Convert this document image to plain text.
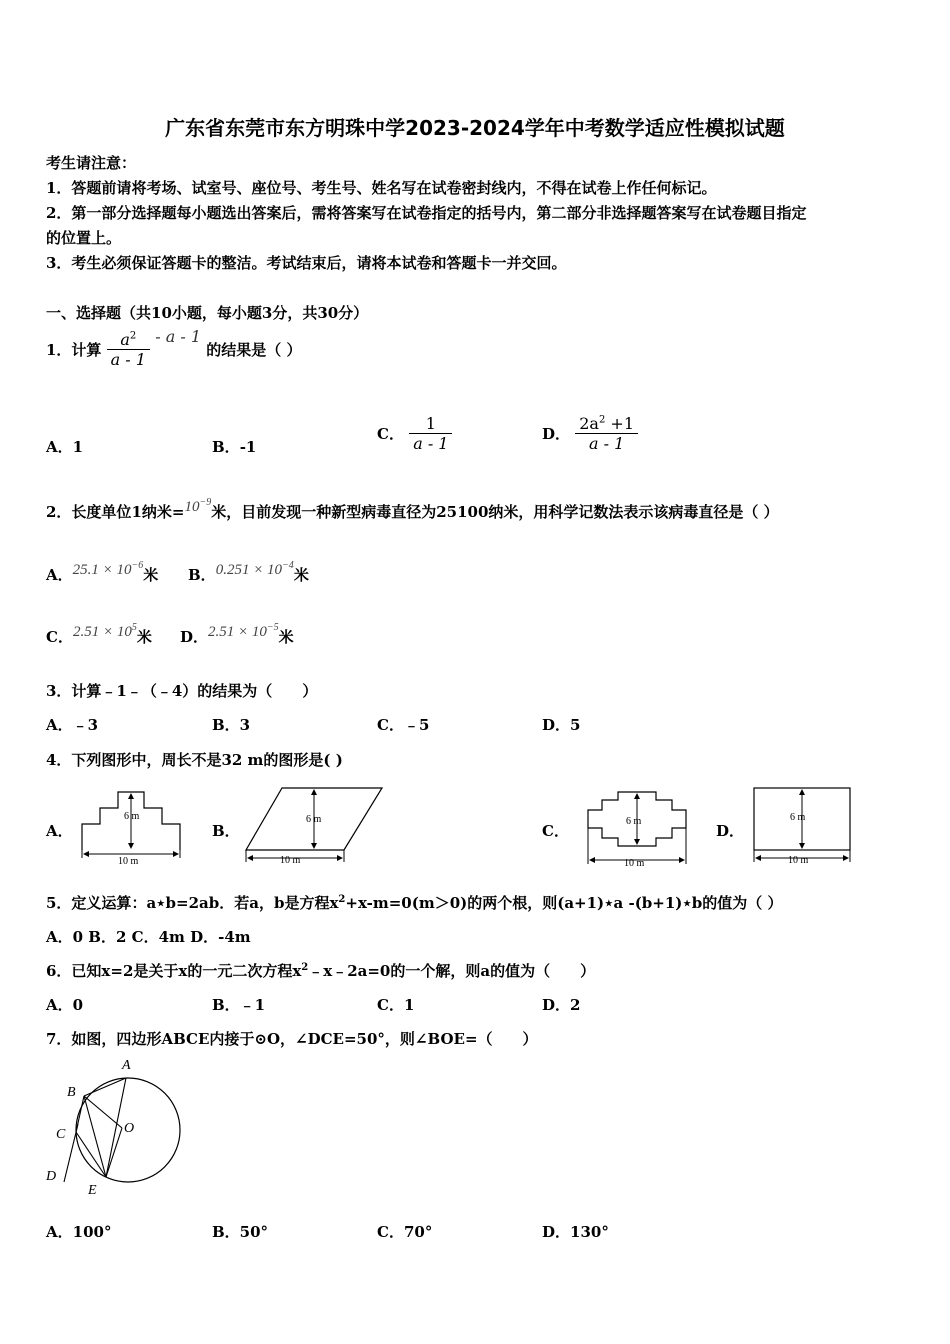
广东省东莞市东方明珠中学2023-2024学年中考数学适应性模拟试题
考生请注意：
1．答题前请将考场、试室号、座位号、考生号、姓名写在试卷密封线内，不得在试卷上作任何标记。
2．第一部分选择题每小题选出答案后，需将答案写在试卷指定的括号内，第二部分非选择题答案写在试卷题目指定
的位置上。
3．考生必须保证答题卡的整洁。考试结束后，请将本试卷和答题卡一并交回。
一、选择题（共10小题，每小题3分，共30分）
1．计算 $\frac{a^2}{a - 1}$ - a - 1 的结果是（ ）
A．1	B．-1
C． $\frac{1}{a - 1}$	D． $\frac{2a^2 +1}{a - 1}$
2．长度单位1纳米$=10^{-9}$米，目前发现一种新型病毒直径为25100纳米，用科学记数法表示该病毒直径是（ ）
A．$25.1 \times 10^{-6}$米 B．$0.251 \times 10^{-4}$米
C．$2.51 \times 10^5$米 D．$2.51 \times 10^{-5}$米
3．计算﹣1﹣（﹣4）的结果为（　　）
A．﹣3	B．3	C．﹣5	D．5
4．下列图形中，周长不是32 m的图形是( )
A．	B．	C．	D．
6 m
10 m
6 m
10 m
6 m
10 m
6 m
10 m
5．定义运算：a⋆b=2ab．若a，b是方程$x^2+x-m=0(m>0)$的两个根，则(a+1)⋆a -(b+1)⋆b的值为（ ）
A．0 B．2 C．4m D．-4m
6．已知x=2是关于x的一元二次方程$x^2﹣x﹣2a=0$的一个解，则a的值为（　　）
A．0	B．﹣1	C．1	D．2
7．如图，四边形ABCE内接于⊙O，∠DCE=50°，则∠BOE=（　　）
A
B
C	O
D
E
A．100°	B．50°	C．70°	D．130°
